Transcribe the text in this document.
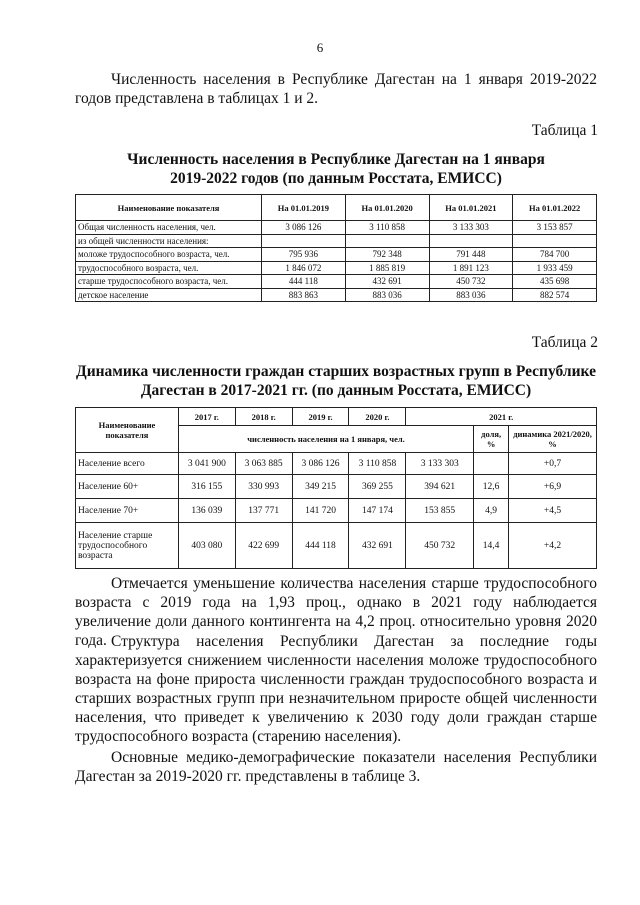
6

Численность населения в Республике Дагестан на 1 января 2019-2022 годов представлена в таблицах 1 и 2.

Таблица 1
Численность населения в Республике Дагестан на 1 января
2019-2022 годов (по данным Росстата, ЕМИСС)
Наименование показателя	На 01.01.2019	На 01.01.2020	На 01.01.2021	На 01.01.2022
Общая численность населения, чел.	3 086 126	3 110 858	3 133 303	3 153 857
из общей численности населения:				
моложе трудоспособного возраста, чел.	795 936	792 348	791 448	784 700
трудоспособного возраста, чел.	1 846 072	1 885 819	1 891 123	1 933 459
старше трудоспособного возраста, чел.	444 118	432 691	450 732	435 698
детское население	883 863	883 036	883 036	882 574
Таблица 2
Динамика численности граждан старших возрастных групп в Республике
Дагестан в 2017-2021 гг. (по данным Росстата, ЕМИСС)
Наименование показателя	2017 г.	2018 г.	2019 г.	2020 г.	2021 г.		
	численность населения на 1 января, чел.					доля, %	динамика 2021/2020, %
Население всего	3 041 900	3 063 885	3 086 126	3 110 858	3 133 303		+0,7
Население 60+	316 155	330 993	349 215	369 255	394 621	12,6	+6,9
Население 70+	136 039	137 771	141 720	147 174	153 855	4,9	+4,5
Население старше трудоспособного возраста	403 080	422 699	444 118	432 691	450 732	14,4	+4,2

Отмечается уменьшение количества населения старше трудоспособного возраста с 2019 года на 1,93 проц., однако в 2021 году наблюдается увеличение доли данного контингента на 4,2 проц. относительно уровня 2020 года. Структура населения Республики Дагестан за последние годы характеризуется снижением численности населения моложе трудоспособного возраста на фоне прироста численности граждан трудоспособного возраста и старших возрастных групп при незначительном приросте общей численности населения, что приведет к увеличению к 2030 году доли граждан старше трудоспособного возраста (старению населения).

Основные медико-демографические показатели населения Республики Дагестан за 2019-2020 гг. представлены в таблице 3.
